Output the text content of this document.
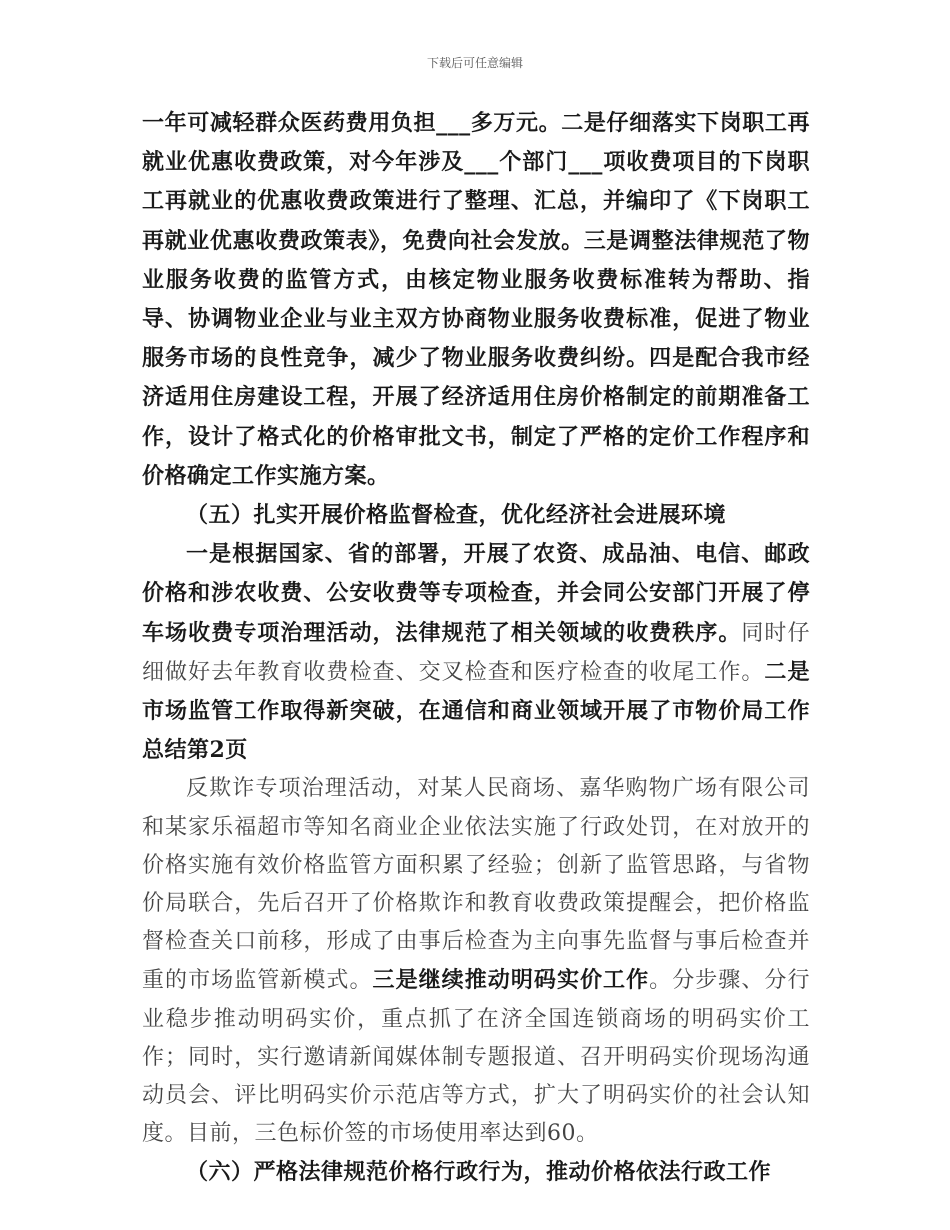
下载后可任意编辑

一年可减轻群众医药费用负担___多万元。二是仔细落实下岗职工再就业优惠收费政策，对今年涉及___个部门___项收费项目的下岗职工再就业的优惠收费政策进行了整理、汇总，并编印了《下岗职工再就业优惠收费政策表》，免费向社会发放。三是调整法律规范了物业服务收费的监管方式，由核定物业服务收费标准转为帮助、指导、协调物业企业与业主双方协商物业服务收费标准，促进了物业服务市场的良性竞争，减少了物业服务收费纠纷。四是配合我市经济适用住房建设工程，开展了经济适用住房价格制定的前期准备工作，设计了格式化的价格审批文书，制定了严格的定价工作程序和价格确定工作实施方案。

（五）扎实开展价格监督检查，优化经济社会进展环境

一是根据国家、省的部署，开展了农资、成品油、电信、邮政价格和涉农收费、公安收费等专项检查，并会同公安部门开展了停车场收费专项治理活动，法律规范了相关领域的收费秩序。同时仔细做好去年教育收费检查、交叉检查和医疗检查的收尾工作。二是市场监管工作取得新突破，在通信和商业领域开展了市物价局工作总结第2页

反欺诈专项治理活动，对某人民商场、嘉华购物广场有限公司和某家乐福超市等知名商业企业依法实施了行政处罚，在对放开的价格实施有效价格监管方面积累了经验；创新了监管思路，与省物价局联合，先后召开了价格欺诈和教育收费政策提醒会，把价格监督检查关口前移，形成了由事后检查为主向事先监督与事后检查并重的市场监管新模式。三是继续推动明码实价工作。分步骤、分行业稳步推动明码实价，重点抓了在济全国连锁商场的明码实价工作；同时，实行邀请新闻媒体制专题报道、召开明码实价现场沟通动员会、评比明码实价示范店等方式，扩大了明码实价的社会认知度。目前，三色标价签的市场使用率达到60。

（六）严格法律规范价格行政行为，推动价格依法行政工作
